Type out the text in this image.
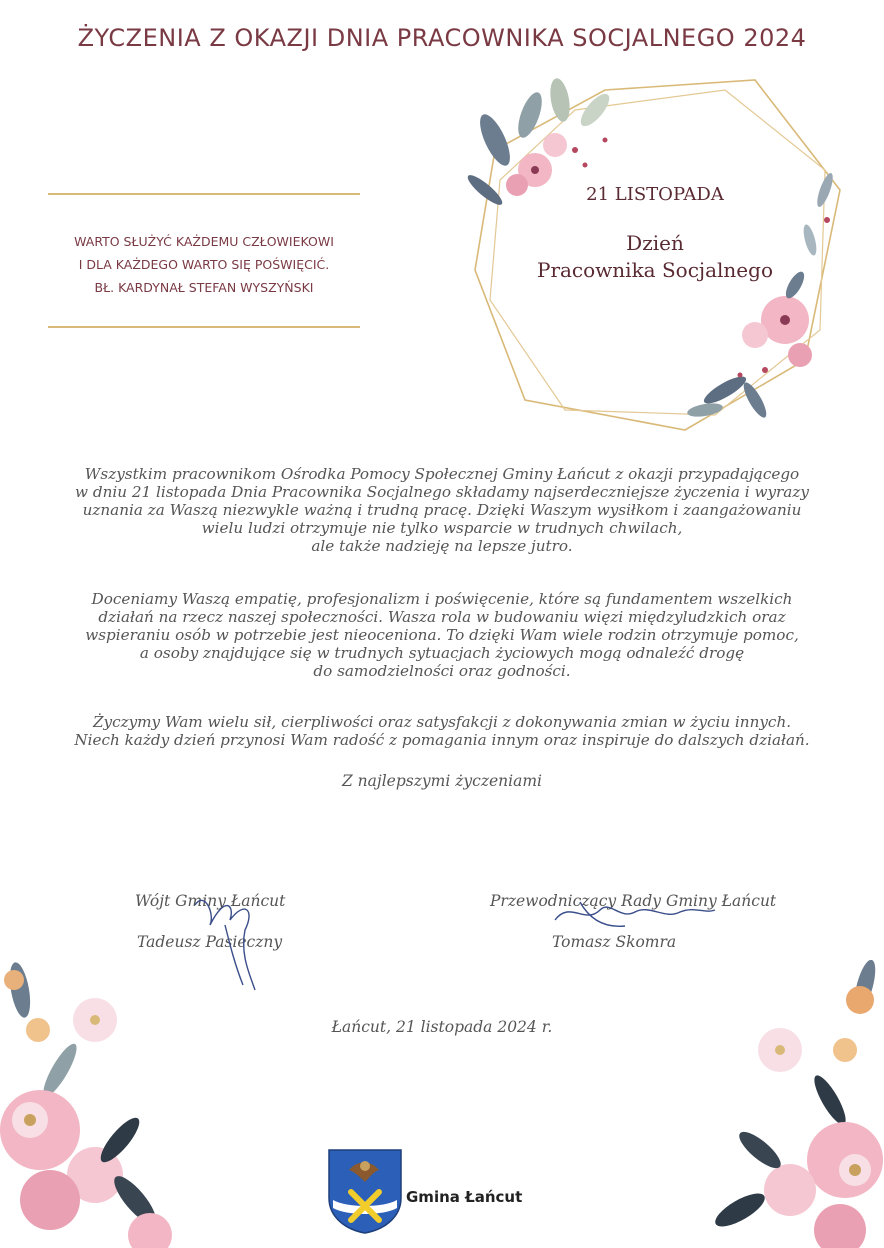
ŻYCZENIA Z OKAZJI DNIA PRACOWNIKA SOCJALNEGO 2024
WARTO SŁUŻYĆ KAŻDEMU CZŁOWIEKOWI
I DLA KAŻDEGO WARTO SIĘ POŚWIĘCIĆ.
BŁ. KARDYNAŁ STEFAN WYSZYŃSKI
21 LISTOPADA
Dzień
Pracownika Socjalnego
Wszystkim pracownikom Ośrodka Pomocy Społecznej Gminy Łańcut z okazji przypadającego
w dniu 21 listopada Dnia Pracownika Socjalnego składamy najserdeczniejsze życzenia i wyrazy
uznania za Waszą niezwykle ważną i trudną pracę. Dzięki Waszym wysiłkom i zaangażowaniu
wielu ludzi otrzymuje nie tylko wsparcie w trudnych chwilach,
ale także nadzieję na lepsze jutro.
Doceniamy Waszą empatię, profesjonalizm i poświęcenie, które są fundamentem wszelkich
działań na rzecz naszej społeczności. Wasza rola w budowaniu więzi międzyludzkich oraz
wspieraniu osób w potrzebie jest nieoceniona. To dzięki Wam wiele rodzin otrzymuje pomoc,
a osoby znajdujące się w trudnych sytuacjach życiowych mogą odnaleźć drogę
do samodzielności oraz godności.
Życzymy Wam wielu sił, cierpliwości oraz satysfakcji z dokonywania zmian w życiu innych.
Niech każdy dzień przynosi Wam radość z pomagania innym oraz inspiruje do dalszych działań.
Z najlepszymi życzeniami
Wójt Gminy Łańcut
Tadeusz Pasieczny
Przewodniczący Rady Gminy Łańcut
Tomasz Skomra
Łańcut, 21 listopada 2024 r.
Gmina Łańcut
